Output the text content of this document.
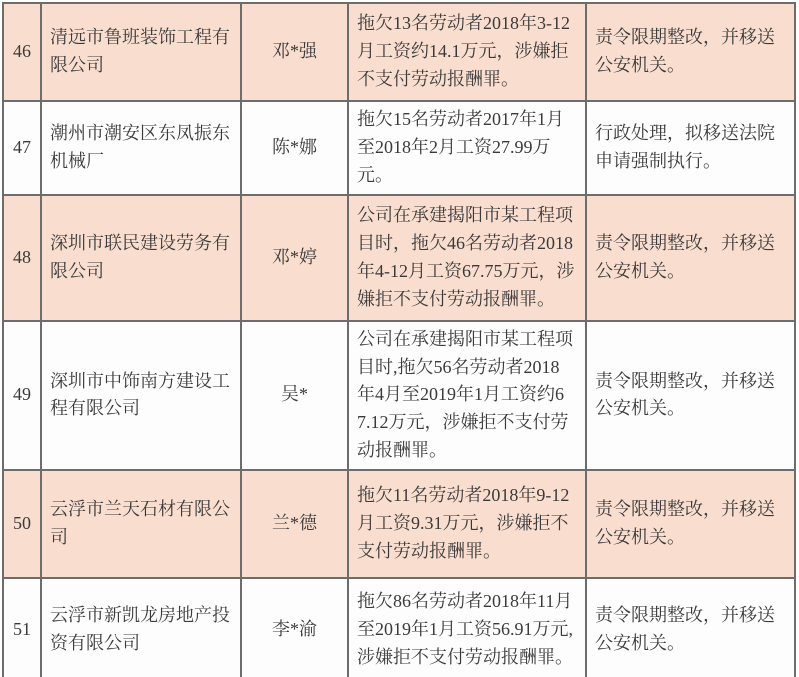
46	清远市鲁班装饰工程有限公司	邓*强	拖欠13名劳动者2018年3-12月工资约14.1万元，涉嫌拒不支付劳动报酬罪。	责令限期整改，并移送公安机关。
47	潮州市潮安区东凤振东机械厂	陈*娜	拖欠15名劳动者2017年1月至2018年2月工资27.99万元。	行政处理，拟移送法院申请强制执行。
48	深圳市联民建设劳务有限公司	邓*婷	公司在承建揭阳市某工程项目时，拖欠46名劳动者2018年4-12月工资67.75万元，涉嫌拒不支付劳动报酬罪。	责令限期整改，并移送公安机关。
49	深圳市中饰南方建设工程有限公司	吴*	公司在承建揭阳市某工程项目时,拖欠56名劳动者2018年4月至2019年1月工资约67.12万元，涉嫌拒不支付劳动报酬罪。	责令限期整改，并移送公安机关。
50	云浮市兰天石材有限公司	兰*德	拖欠11名劳动者2018年9-12月工资9.31万元，涉嫌拒不支付劳动报酬罪。	责令限期整改，并移送公安机关。
51	云浮市新凯龙房地产投资有限公司	李*渝	拖欠86名劳动者2018年11月至2019年1月工资56.91万元,涉嫌拒不支付劳动报酬罪。	责令限期整改，并移送公安机关。
